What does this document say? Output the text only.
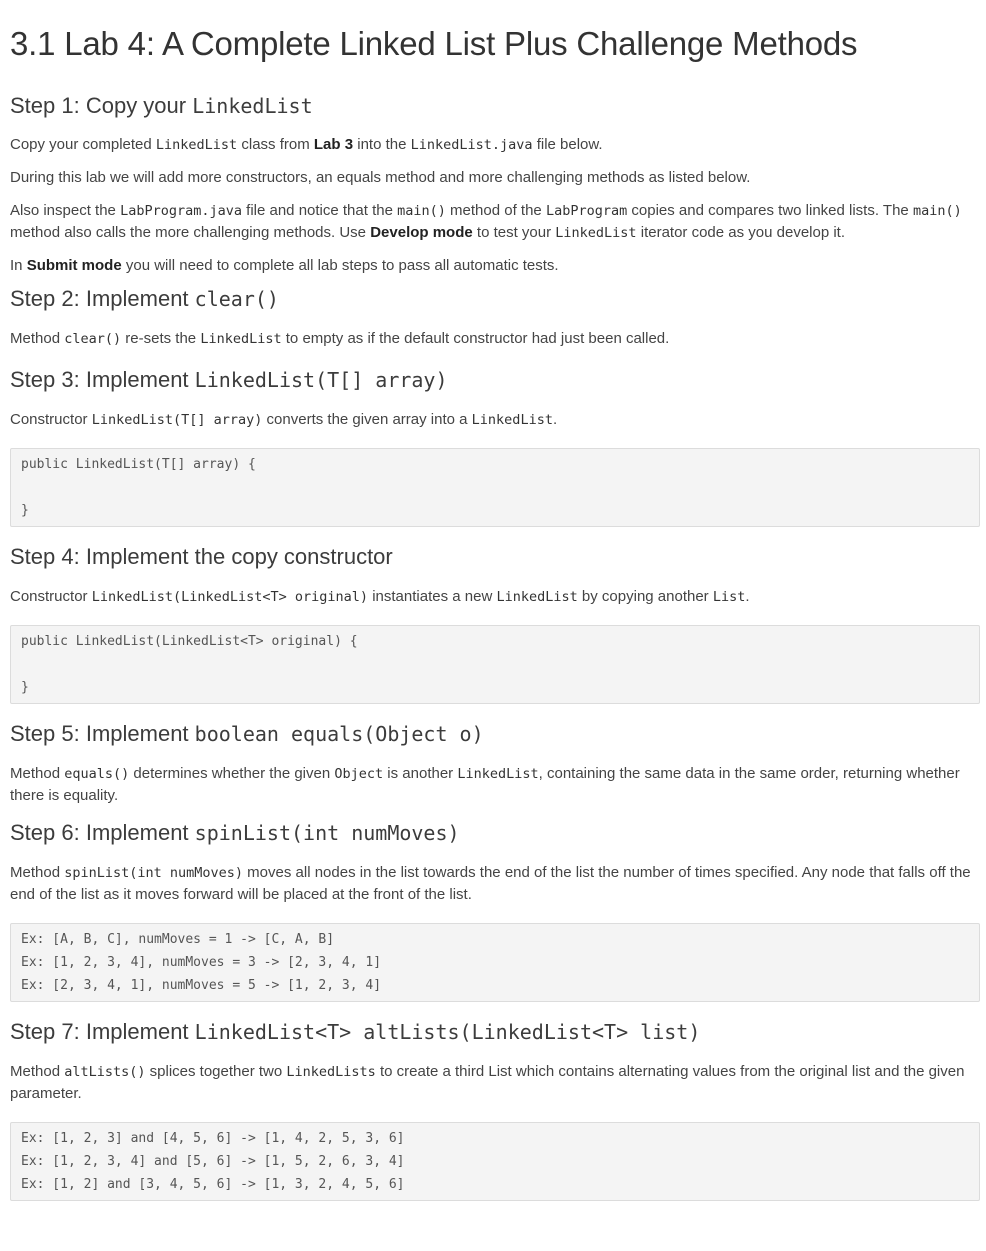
3.1 Lab 4: A Complete Linked List Plus Challenge Methods
Step 1: Copy your LinkedList

Copy your completed LinkedList class from Lab 3 into the LinkedList.java file below.

During this lab we will add more constructors, an equals method and more challenging methods as listed below.

Also inspect the LabProgram.java file and notice that the main() method of the LabProgram copies and compares two linked lists. The main() method also calls the more challenging methods. Use Develop mode to test your LinkedList iterator code as you develop it.

In Submit mode you will need to complete all lab steps to pass all automatic tests.

Step 2: Implement clear()

Method clear() re-sets the LinkedList to empty as if the default constructor had just been called.

Step 3: Implement LinkedList(T[] array)

Constructor LinkedList(T[] array) converts the given array into a LinkedList.

public LinkedList(T[] array) {
}
Step 4: Implement the copy constructor

Constructor LinkedList(LinkedList<T> original) instantiates a new LinkedList by copying another List.

public LinkedList(LinkedList<T> original) {
}
Step 5: Implement boolean equals(Object o)

Method equals() determines whether the given Object is another LinkedList, containing the same data in the same order, returning whether there is equality.

Step 6: Implement spinList(int numMoves)

Method spinList(int numMoves) moves all nodes in the list towards the end of the list the number of times specified. Any node that falls off the end of the list as it moves forward will be placed at the front of the list.

Ex: [A, B, C], numMoves = 1 -> [C, A, B]
Ex: [1, 2, 3, 4], numMoves = 3 -> [2, 3, 4, 1]
Ex: [2, 3, 4, 1], numMoves = 5 -> [1, 2, 3, 4]
Step 7: Implement LinkedList<T> altLists(LinkedList<T> list)

Method altLists() splices together two LinkedLists to create a third List which contains alternating values from the original list and the given parameter.

Ex: [1, 2, 3] and [4, 5, 6] -> [1, 4, 2, 5, 3, 6]
Ex: [1, 2, 3, 4] and [5, 6] -> [1, 5, 2, 6, 3, 4]
Ex: [1, 2] and [3, 4, 5, 6] -> [1, 3, 2, 4, 5, 6]
